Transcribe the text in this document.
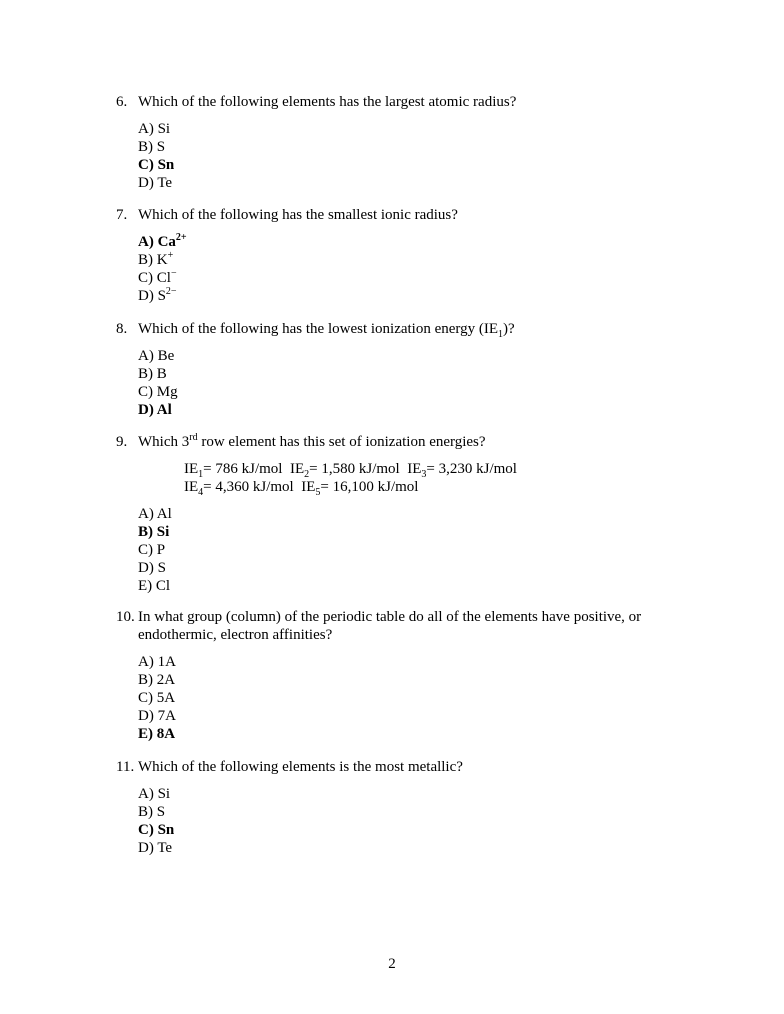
6. Which of the following elements has the largest atomic radius?
A) Si
B) S
C) Sn
D) Te
7. Which of the following has the smallest ionic radius?
A) $Ca^{2+}$
B) K+
C) Cl−
D) $S^{2-}$
8. Which of the following has the lowest ionization energy $(IE_1)$?
A) Be
B) B
C) Mg
D) Al
9. Which 3rd row element has this set of ionization energies?
$IE_1= 786$ kJ/mol $IE_2= 1,580$ kJ/mol $IE_3= 3,230$ kJ/mol
$IE_4= 4,360$ kJ/mol $IE_5= 16,100$ kJ/mol
A) Al
B) Si
C) P
D) S
E) Cl
10. In what group (column) of the periodic table do all of the elements have positive, or endothermic, electron affinities?
A) 1A
B) 2A
C) 5A
D) 7A
E) 8A
11. Which of the following elements is the most metallic?
A) Si
B) S
C) Sn
D) Te
2
